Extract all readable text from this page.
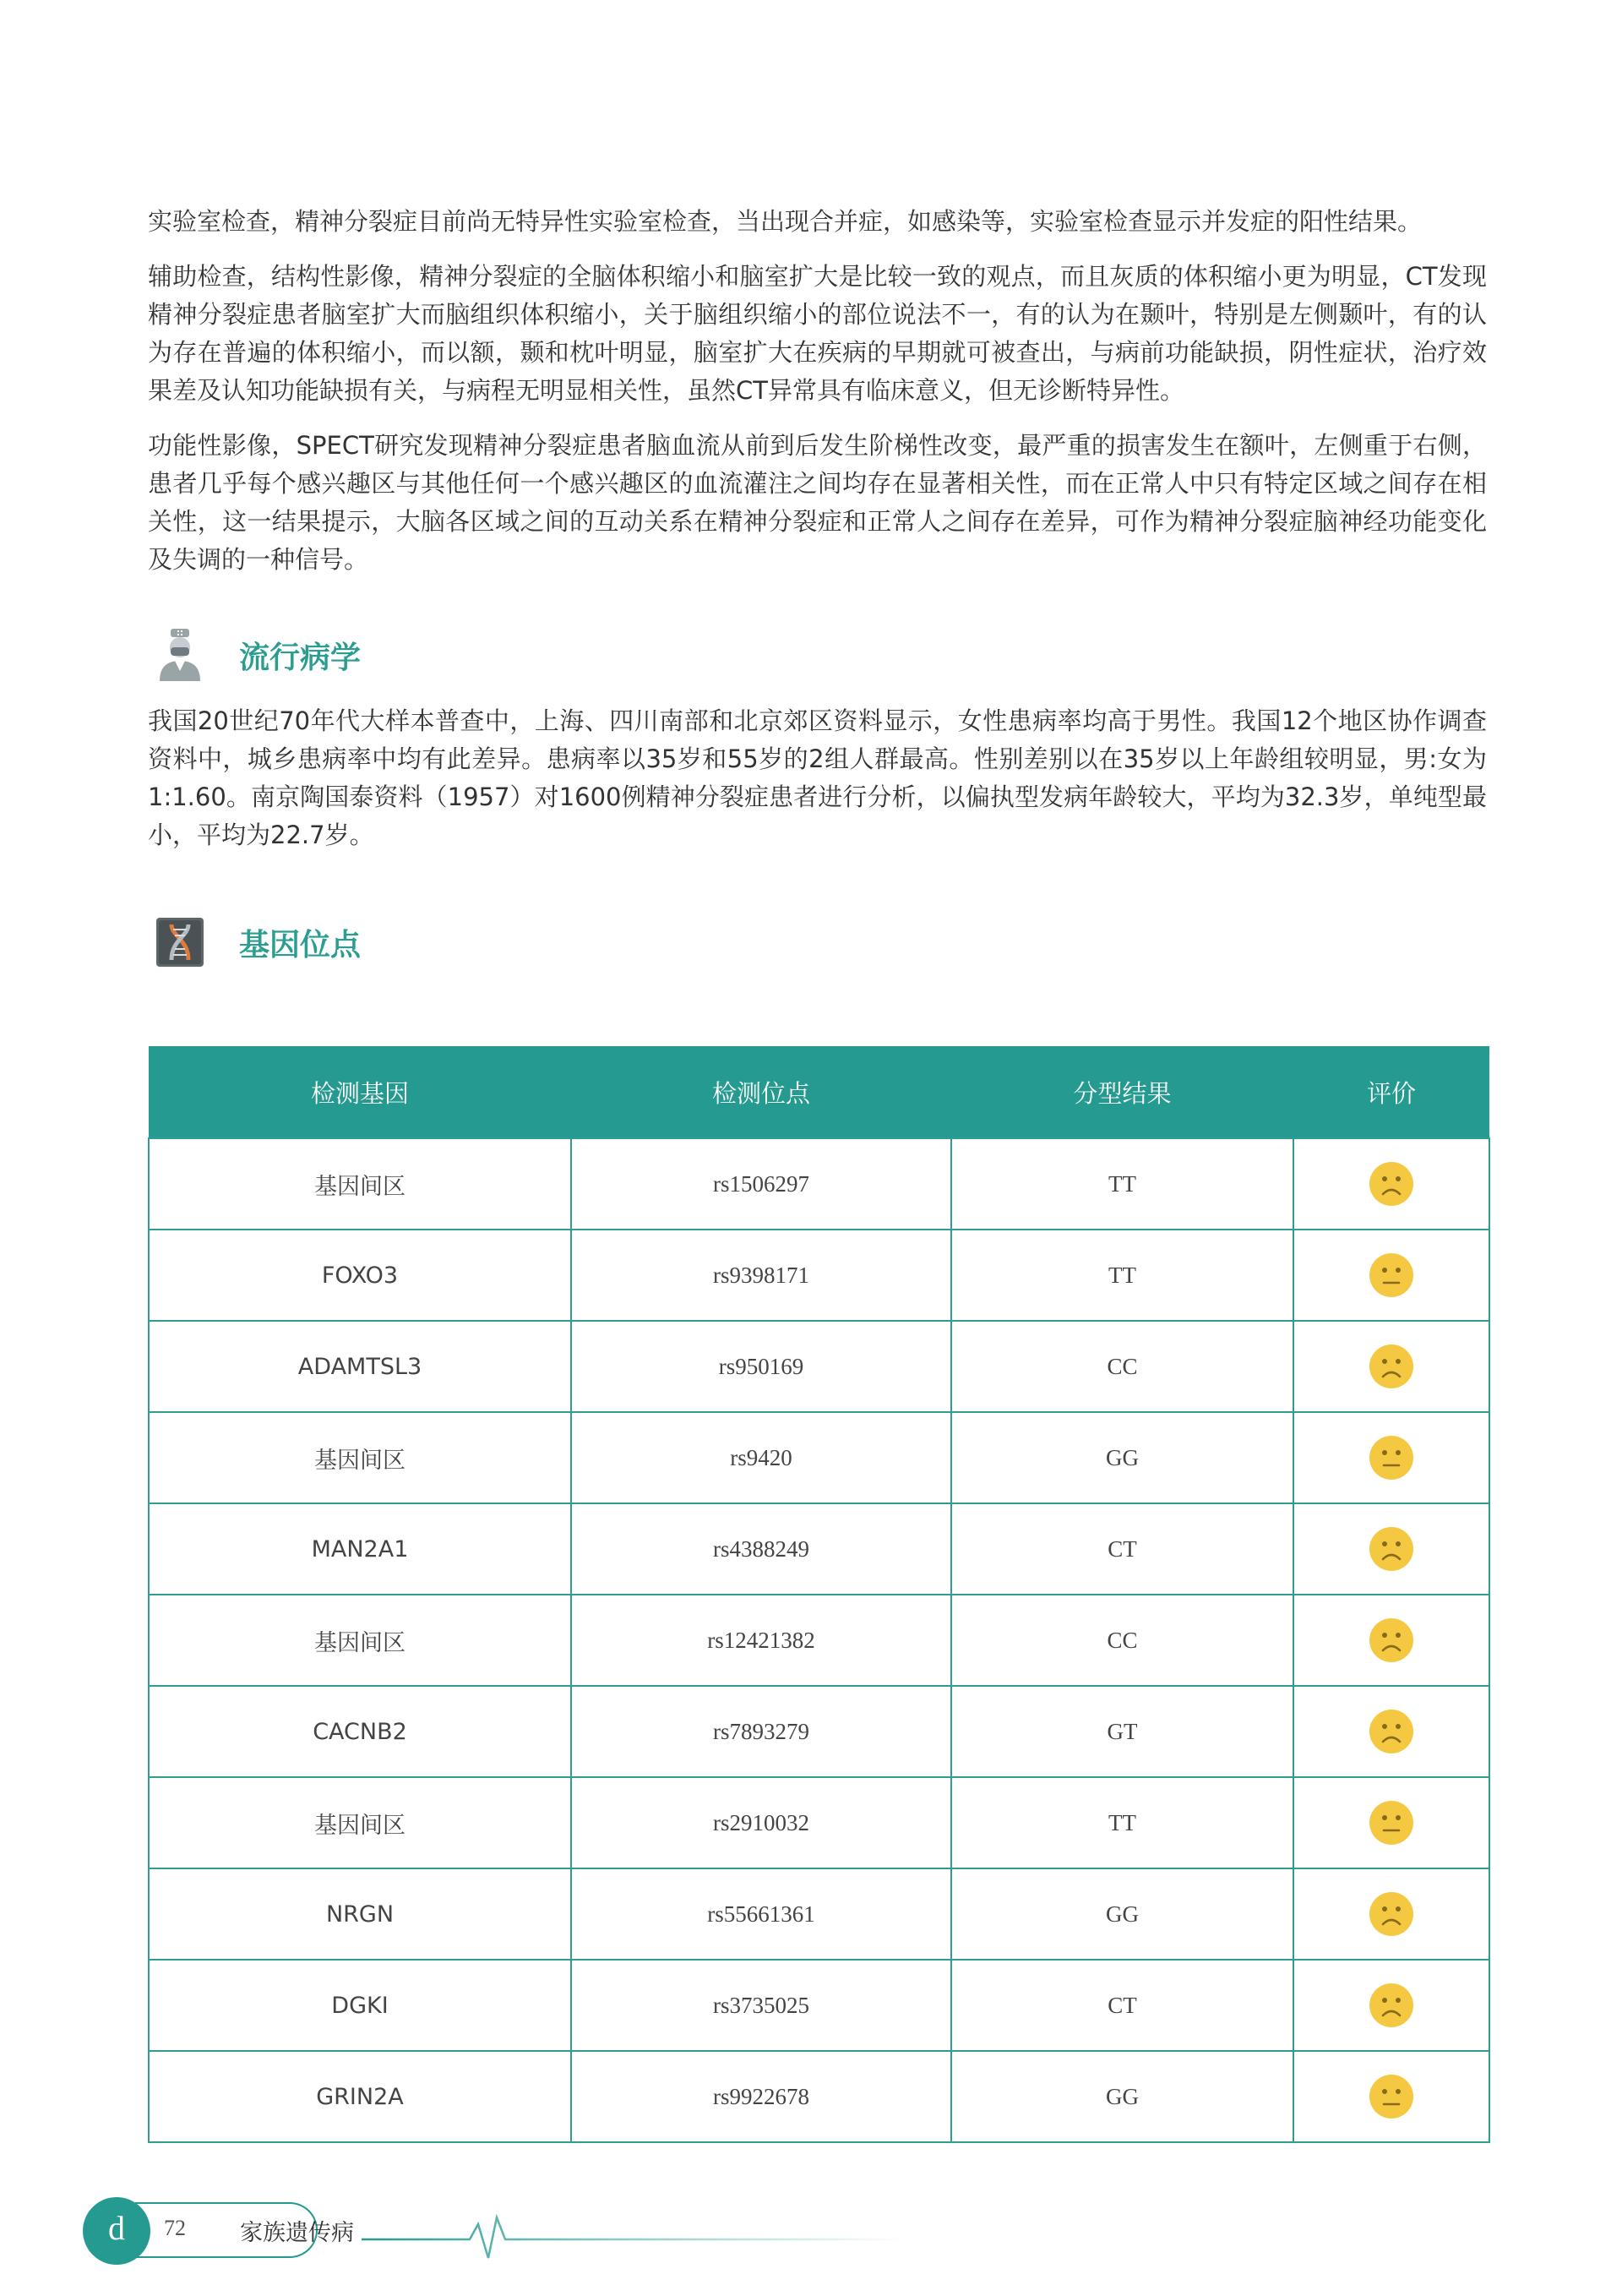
实验室检查，精神分裂症目前尚无特异性实验室检查，当出现合并症，如感染等，实验室检查显示并发症的阳性结果。

辅助检查，结构性影像，精神分裂症的全脑体积缩小和脑室扩大是比较一致的观点，而且灰质的体积缩小更为明显，CT发现精神分裂症患者脑室扩大而脑组织体积缩小，关于脑组织缩小的部位说法不一，有的认为在颞叶，特别是左侧颞叶，有的认为存在普遍的体积缩小，而以额，颞和枕叶明显，脑室扩大在疾病的早期就可被查出，与病前功能缺损，阴性症状，治疗效果差及认知功能缺损有关，与病程无明显相关性，虽然CT异常具有临床意义，但无诊断特异性。

功能性影像，SPECT研究发现精神分裂症患者脑血流从前到后发生阶梯性改变，最严重的损害发生在额叶，左侧重于右侧，患者几乎每个感兴趣区与其他任何一个感兴趣区的血流灌注之间均存在显著相关性，而在正常人中只有特定区域之间存在相关性，这一结果提示，大脑各区域之间的互动关系在精神分裂症和正常人之间存在差异，可作为精神分裂症脑神经功能变化及失调的一种信号。

流行病学

我国20世纪70年代大样本普查中，上海、四川南部和北京郊区资料显示，女性患病率均高于男性。我国12个地区协作调查资料中，城乡患病率中均有此差异。患病率以35岁和55岁的2组人群最高。性别差别以在35岁以上年龄组较明显，男:女为1:1.60。南京陶国泰资料（1957）对1600例精神分裂症患者进行分析，以偏执型发病年龄较大，平均为32.3岁，单纯型最小，平均为22.7岁。

基因位点
检测基因	检测位点	分型结果	评价
基因间区	rs1506297	TT	
FOXO3	rs9398171	TT	
ADAMTSL3	rs950169	CC	
基因间区	rs9420	GG	
MAN2A1	rs4388249	CT	
基因间区	rs12421382	CC	
CACNB2	rs7893279	GT	
基因间区	rs2910032	TT	
NRGN	rs55661361	GG	
DGKI	rs3735025	CT	
GRIN2A	rs9922678	GG	
d	72 家族遗传病
